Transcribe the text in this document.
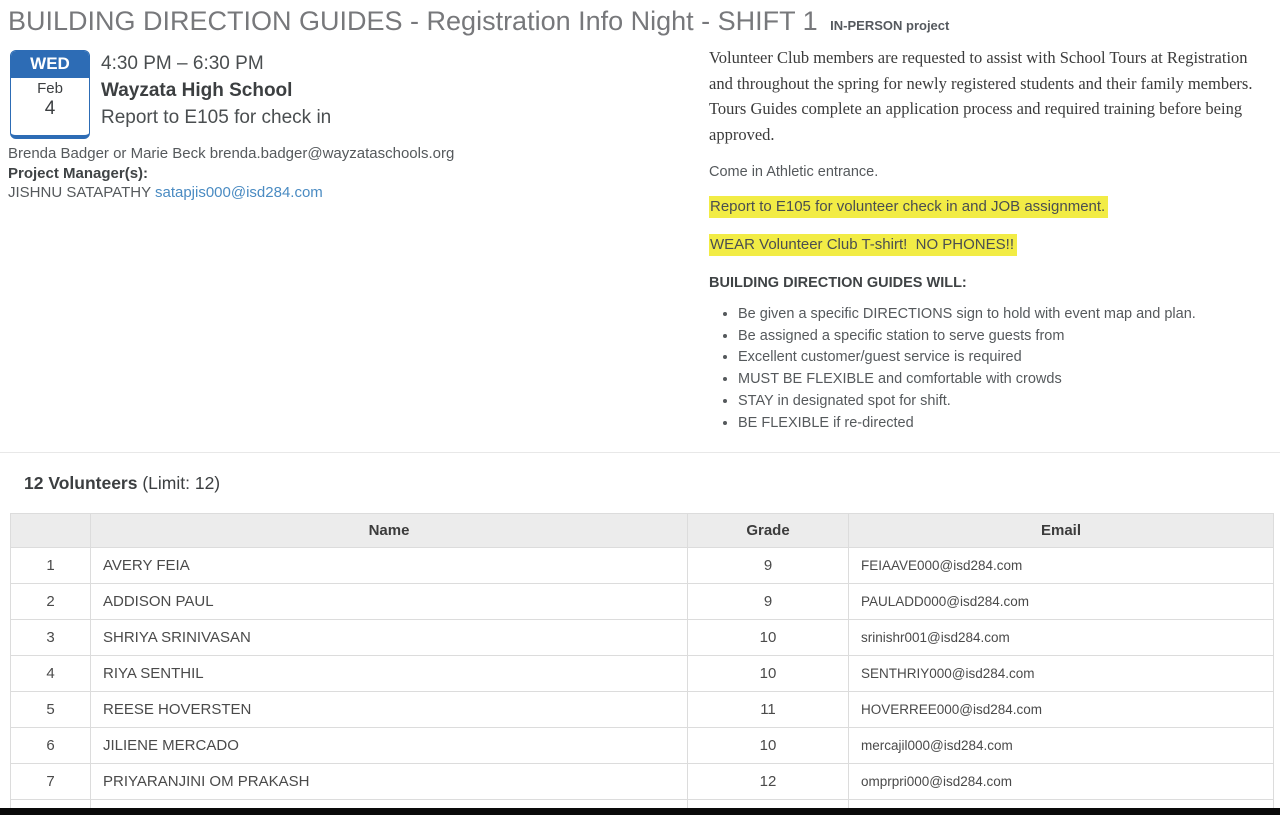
BUILDING DIRECTION GUIDES - Registration Info Night - SHIFT 1 IN-PERSON project
WED
Feb
4
4:30 PM – 6:30 PM
Wayzata High School
Report to E105 for check in
Brenda Badger or Marie Beck brenda.badger@wayzataschools.org
Project Manager(s):
JISHNU SATAPATHY satapjis000@isd284.com
Volunteer Club members are requested to assist with School Tours at Registration
and throughout the spring for newly registered students and their family members.
Tours Guides complete an application process and required training before being
approved.
Come in Athletic entrance.
Report to E105 for volunteer check in and JOB assignment.
WEAR Volunteer Club T-shirt!  NO PHONES!!
BUILDING DIRECTION GUIDES WILL:
• Be given a specific DIRECTIONS sign to hold with event map and plan.
• Be assigned a specific station to serve guests from
• Excellent customer/guest service is required
• MUST BE FLEXIBLE and comfortable with crowds
• STAY in designated spot for shift.
• BE FLEXIBLE if re-directed
12 Volunteers (Limit: 12)
	Name	Grade	Email
1	AVERY FEIA	9	FEIAAVE000@isd284.com
2	ADDISON PAUL	9	PAULADD000@isd284.com
3	SHRIYA SRINIVASAN	10	srinishr001@isd284.com
4	RIYA SENTHIL	10	SENTHRIY000@isd284.com
5	REESE HOVERSTEN	11	HOVERREE000@isd284.com
6	JILIENE MERCADO	10	mercajil000@isd284.com
7	PRIYARANJINI OM PRAKASH	12	omprpri000@isd284.com
